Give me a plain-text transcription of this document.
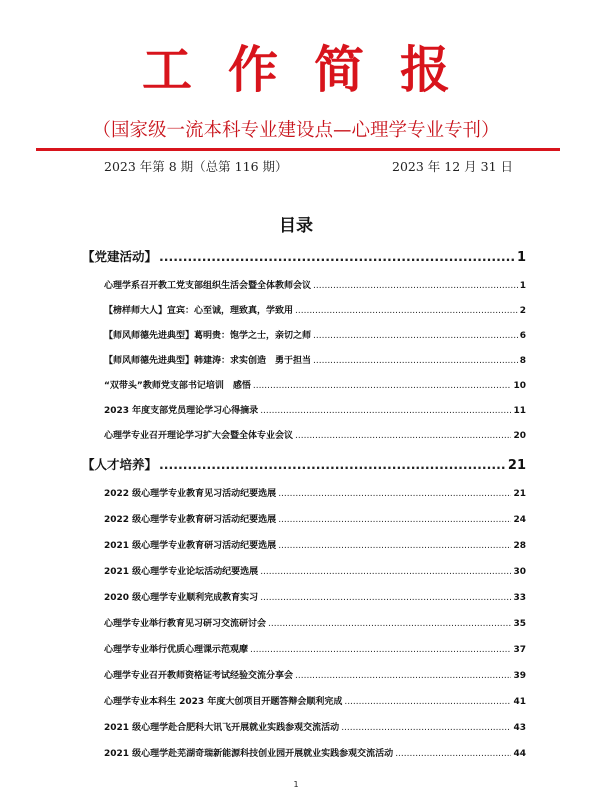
工作简报
（国家级一流本科专业建设点—心理学专业专刊）
2023 年第 8 期（总第 116 期）	2023 年 12 月 31 日
目录
【党建活动】 .....	1
心理学系召开教工党支部组织生活会暨全体教师会议 .....	1
【榜样师大人】宣宾：心至诚，理致真，学致用 .....	2
【师风师德先进典型】葛明贵：饱学之士，亲切之师 .....	6
【师风师德先进典型】韩建涛：求实创造　勇于担当 .....	8
“双带头”教师党支部书记培训　感悟 .....	10
2023 年度支部党员理论学习心得摘录 .....	11
心理学专业召开理论学习扩大会暨全体专业会议 .....	20
【人才培养】 .....	21
2022 级心理学专业教育见习活动纪要选展 .....	21
2022 级心理学专业教育研习活动纪要选展 .....	24
2021 级心理学专业教育研习活动纪要选展 .....	28
2021 级心理学专业论坛活动纪要选展 .....	30
2020 级心理学专业顺利完成教育实习 .....	33
心理学专业举行教育见习研习交流研讨会 .....	35
心理学专业举行优质心理课示范观摩 .....	37
心理学专业召开教师资格证考试经验交流分享会 .....	39
心理学专业本科生 2023 年度大创项目开题答辩会顺利完成 .....	41
2021 级心理学赴合肥科大讯飞开展就业实践参观交流活动 .....	43
2021 级心理学赴芜湖奇瑞新能源科技创业园开展就业实践参观交流活动 .....	44
1
